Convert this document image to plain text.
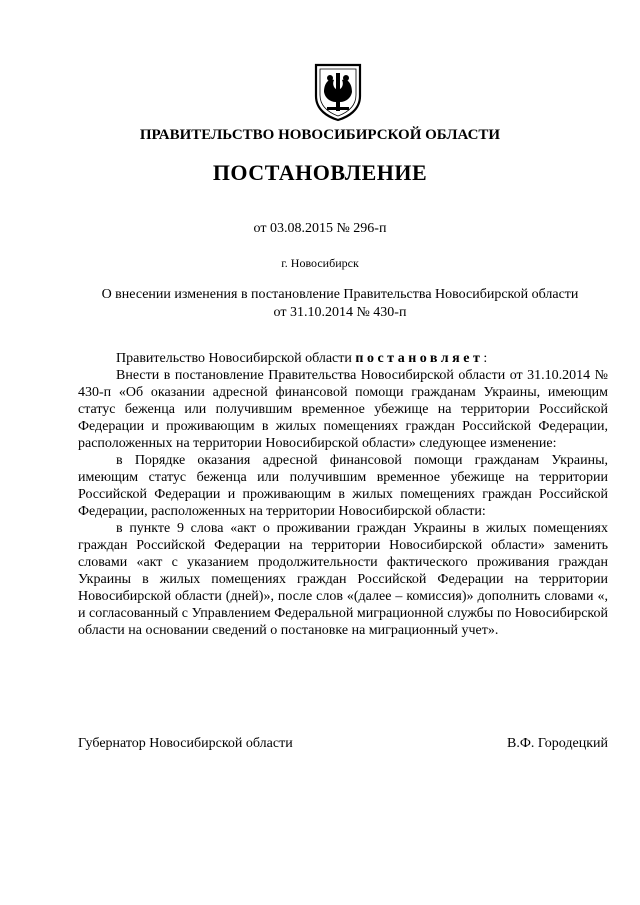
ПРАВИТЕЛЬСТВО НОВОСИБИРСКОЙ ОБЛАСТИ
ПОСТАНОВЛЕНИЕ
от 03.08.2015 № 296-п
г. Новосибирск
О внесении изменения в постановление Правительства Новосибирской области
от 31.10.2014 № 430-п

Правительство Новосибирской области постановляет:

Внести в постановление Правительства Новосибирской области от 31.10.2014 № 430-п «Об оказании адресной финансовой помощи гражданам Украины, имеющим статус беженца или получившим временное убежище на территории Российской Федерации и проживающим в жилых помещениях граждан Российской Федерации, расположенных на территории Новосибирской области» следующее изменение:

в Порядке оказания адресной финансовой помощи гражданам Украины, имеющим статус беженца или получившим временное убежище на территории Российской Федерации и проживающим в жилых помещениях граждан Российской Федерации, расположенных на территории Новосибирской области:

в пункте 9 слова «акт о проживании граждан Украины в жилых помещениях граждан Российской Федерации на территории Новосибирской области» заменить словами «акт с указанием продолжительности фактического проживания граждан Украины в жилых помещениях граждан Российской Федерации на территории Новосибирской области (дней)», после слов «(далее – комиссия)» дополнить словами «, и согласованный с Управлением Федеральной миграционной службы по Новосибирской области на основании сведений о постановке на миграционный учет».

Губернатор Новосибирской области	В.Ф. Городецкий
